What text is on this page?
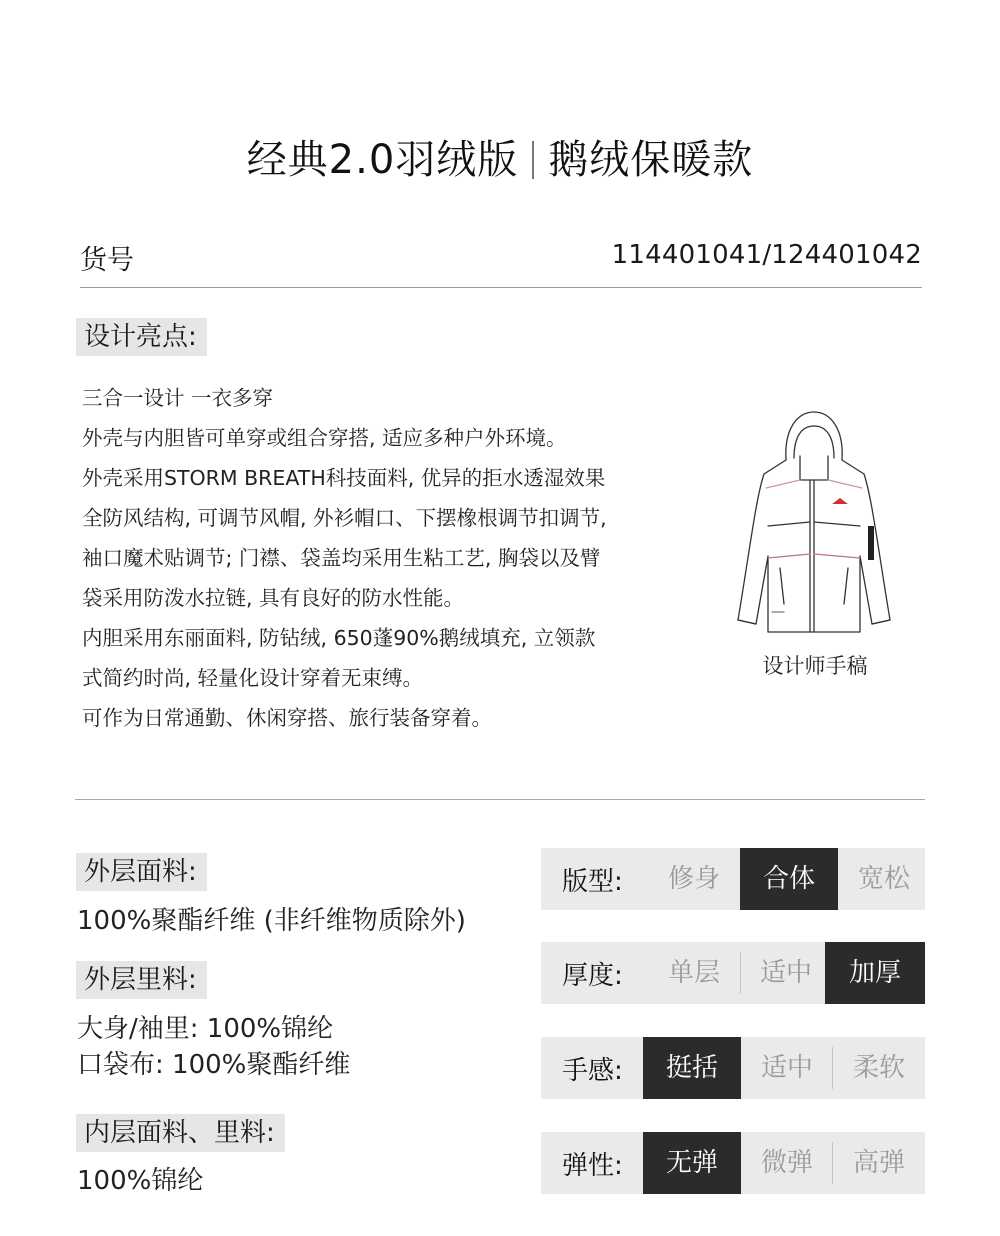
经典2.0羽绒版 鹅绒保暖款
货号	114401041/124401042
设计亮点:
三合一设计 一衣多穿
外壳与内胆皆可单穿或组合穿搭, 适应多种户外环境。
外壳采用STORM BREATH科技面料, 优异的拒水透湿效果
全防风结构, 可调节风帽, 外衫帽口、下摆橡根调节扣调节,
袖口魔术贴调节; 门襟、袋盖均采用生粘工艺, 胸袋以及臂
袋采用防泼水拉链, 具有良好的防水性能。
内胆采用东丽面料, 防钻绒, 650蓬90%鹅绒填充, 立领款
式简约时尚, 轻量化设计穿着无束缚。
可作为日常通勤、休闲穿搭、旅行装备穿着。
设计师手稿
外层面料:
100%聚酯纤维 (非纤维物质除外)
外层里料:
大身/袖里: 100%锦纶
口袋布: 100%聚酯纤维
内层面料、里料:
100%锦纶
版型:	修身	合体	宽松
厚度:	单层	适中	加厚
手感:	挺括	适中	柔软
弹性:	无弹	微弹	高弹
